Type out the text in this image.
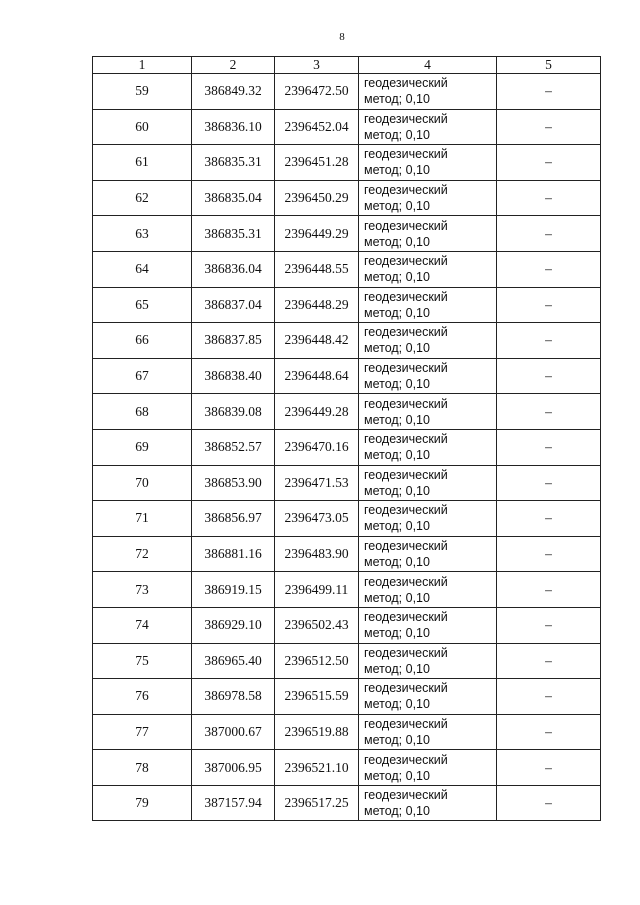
8
1	2	3	4	5
59	386849.32	2396472.50	геодезический
метод; 0,10	–
60	386836.10	2396452.04	геодезический
метод; 0,10	–
61	386835.31	2396451.28	геодезический
метод; 0,10	–
62	386835.04	2396450.29	геодезический
метод; 0,10	–
63	386835.31	2396449.29	геодезический
метод; 0,10	–
64	386836.04	2396448.55	геодезический
метод; 0,10	–
65	386837.04	2396448.29	геодезический
метод; 0,10	–
66	386837.85	2396448.42	геодезический
метод; 0,10	–
67	386838.40	2396448.64	геодезический
метод; 0,10	–
68	386839.08	2396449.28	геодезический
метод; 0,10	–
69	386852.57	2396470.16	геодезический
метод; 0,10	–
70	386853.90	2396471.53	геодезический
метод; 0,10	–
71	386856.97	2396473.05	геодезический
метод; 0,10	–
72	386881.16	2396483.90	геодезический
метод; 0,10	–
73	386919.15	2396499.11	геодезический
метод; 0,10	–
74	386929.10	2396502.43	геодезический
метод; 0,10	–
75	386965.40	2396512.50	геодезический
метод; 0,10	–
76	386978.58	2396515.59	геодезический
метод; 0,10	–
77	387000.67	2396519.88	геодезический
метод; 0,10	–
78	387006.95	2396521.10	геодезический
метод; 0,10	–
79	387157.94	2396517.25	геодезический
метод; 0,10	–
